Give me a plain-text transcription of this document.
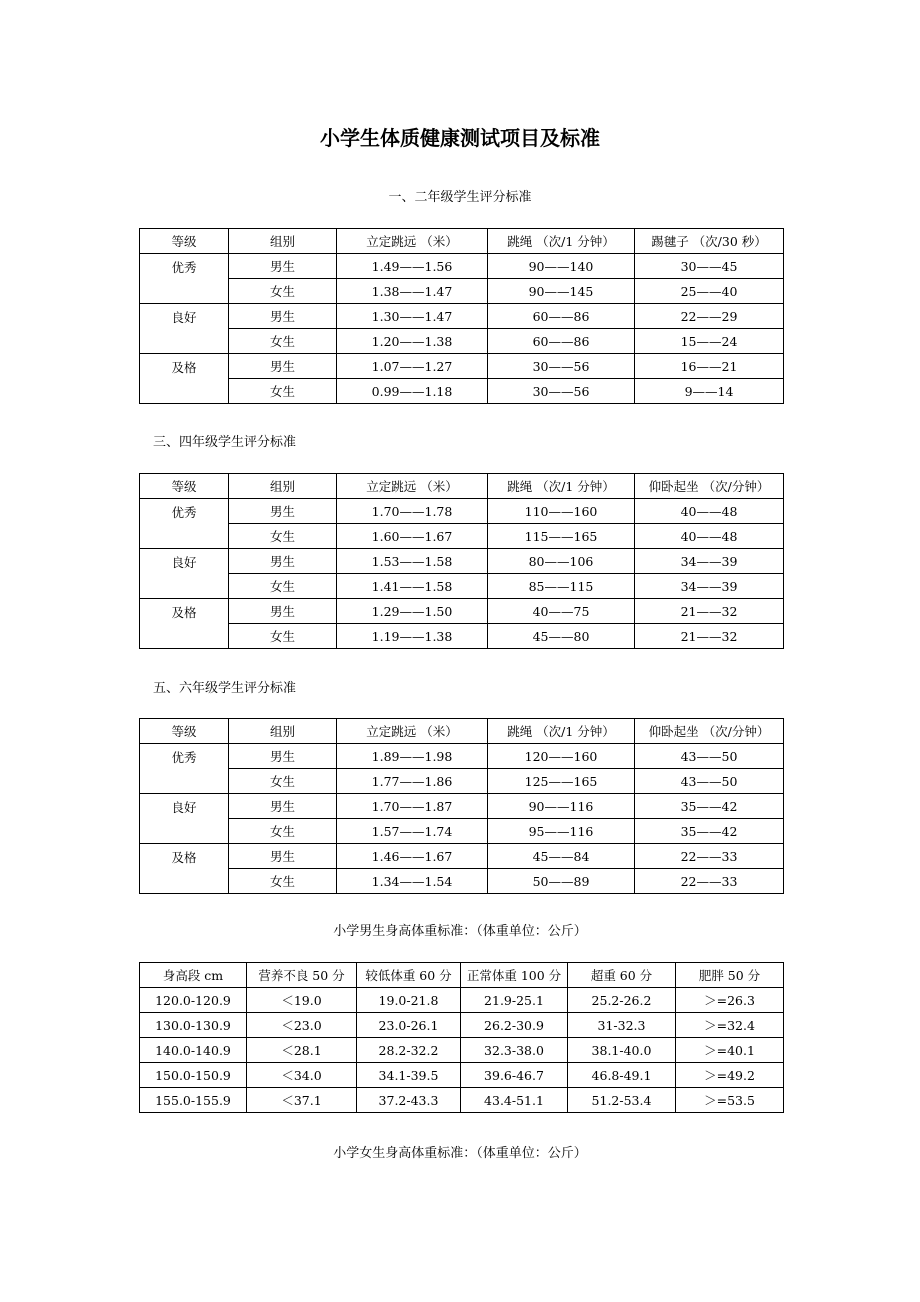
小学生体质健康测试项目及标准
一、二年级学生评分标准
等级	组别	立定跳远 （米）	跳绳 （次/1 分钟）	踢毽子 （次/30 秒）
优秀	男生	1.49——1.56	90——140	30——45
	女生	1.38——1.47	90——145	25——40
良好	男生	1.30——1.47	60——86	22——29
	女生	1.20——1.38	60——86	15——24
及格	男生	1.07——1.27	30——56	16——21
	女生	0.99——1.18	30——56	9——14
三、四年级学生评分标准
等级	组别	立定跳远 （米）	跳绳 （次/1 分钟）	仰卧起坐 （次/分钟）
优秀	男生	1.70——1.78	110——160	40——48
	女生	1.60——1.67	115——165	40——48
良好	男生	1.53——1.58	80——106	34——39
	女生	1.41——1.58	85——115	34——39
及格	男生	1.29——1.50	40——75	21——32
	女生	1.19——1.38	45——80	21——32
五、六年级学生评分标准
等级	组别	立定跳远 （米）	跳绳 （次/1 分钟）	仰卧起坐 （次/分钟）
优秀	男生	1.89——1.98	120——160	43——50
	女生	1.77——1.86	125——165	43——50
良好	男生	1.70——1.87	90——116	35——42
	女生	1.57——1.74	95——116	35——42
及格	男生	1.46——1.67	45——84	22——33
	女生	1.34——1.54	50——89	22——33
小学男生身高体重标准：（体重单位：公斤）
身高段 cm	营养不良 50 分	较低体重 60 分	正常体重 100 分	超重 60 分	肥胖 50 分
120.0-120.9	＜19.0	19.0-21.8	21.9-25.1	25.2-26.2	＞=26.3
130.0-130.9	＜23.0	23.0-26.1	26.2-30.9	31-32.3	＞=32.4
140.0-140.9	＜28.1	28.2-32.2	32.3-38.0	38.1-40.0	＞=40.1
150.0-150.9	＜34.0	34.1-39.5	39.6-46.7	46.8-49.1	＞=49.2
155.0-155.9	＜37.1	37.2-43.3	43.4-51.1	51.2-53.4	＞=53.5
小学女生身高体重标准：（体重单位：公斤）
